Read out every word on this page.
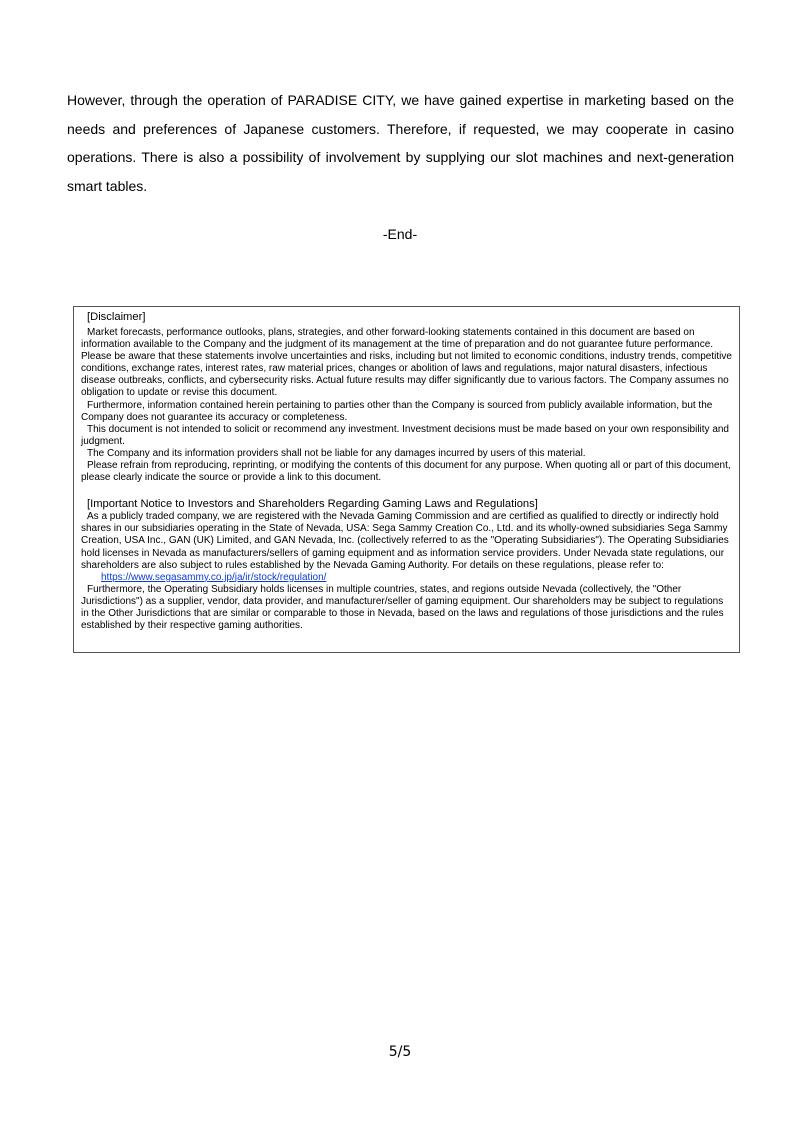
However, through the operation of PARADISE CITY, we have gained expertise in marketing based on the needs and preferences of Japanese customers. Therefore, if requested, we may cooperate in casino operations. There is also a possibility of involvement by supplying our slot machines and next-generation smart tables.

-End-

[Disclaimer]

Market forecasts, performance outlooks, plans, strategies, and other forward-looking statements contained in this document are based on information available to the Company and the judgment of its management at the time of preparation and do not guarantee future performance. Please be aware that these statements involve uncertainties and risks, including but not limited to economic conditions, industry trends, competitive conditions, exchange rates, interest rates, raw material prices, changes or abolition of laws and regulations, major natural disasters, infectious disease outbreaks, conflicts, and cybersecurity risks. Actual future results may differ significantly due to various factors. The Company assumes no obligation to update or revise this document.

Furthermore, information contained herein pertaining to parties other than the Company is sourced from publicly available information, but the Company does not guarantee its accuracy or completeness.

This document is not intended to solicit or recommend any investment. Investment decisions must be made based on your own responsibility and judgment.

The Company and its information providers shall not be liable for any damages incurred by users of this material.

Please refrain from reproducing, reprinting, or modifying the contents of this document for any purpose. When quoting all or part of this document, please clearly indicate the source or provide a link to this document.

[Important Notice to Investors and Shareholders Regarding Gaming Laws and Regulations]

As a publicly traded company, we are registered with the Nevada Gaming Commission and are certified as qualified to directly or indirectly hold shares in our subsidiaries operating in the State of Nevada, USA: Sega Sammy Creation Co., Ltd. and its wholly-owned subsidiaries Sega Sammy Creation, USA Inc., GAN (UK) Limited, and GAN Nevada, Inc. (collectively referred to as the "Operating Subsidiaries"). The Operating Subsidiaries hold licenses in Nevada as manufacturers/sellers of gaming equipment and as information service providers. Under Nevada state regulations, our shareholders are also subject to rules established by the Nevada Gaming Authority. For details on these regulations, please refer to:

https://www.segasammy.co.jp/ja/ir/stock/regulation/

Furthermore, the Operating Subsidiary holds licenses in multiple countries, states, and regions outside Nevada (collectively, the "Other Jurisdictions") as a supplier, vendor, data provider, and manufacturer/seller of gaming equipment. Our shareholders may be subject to regulations in the Other Jurisdictions that are similar or comparable to those in Nevada, based on the laws and regulations of those jurisdictions and the rules established by their respective gaming authorities.

5/5
